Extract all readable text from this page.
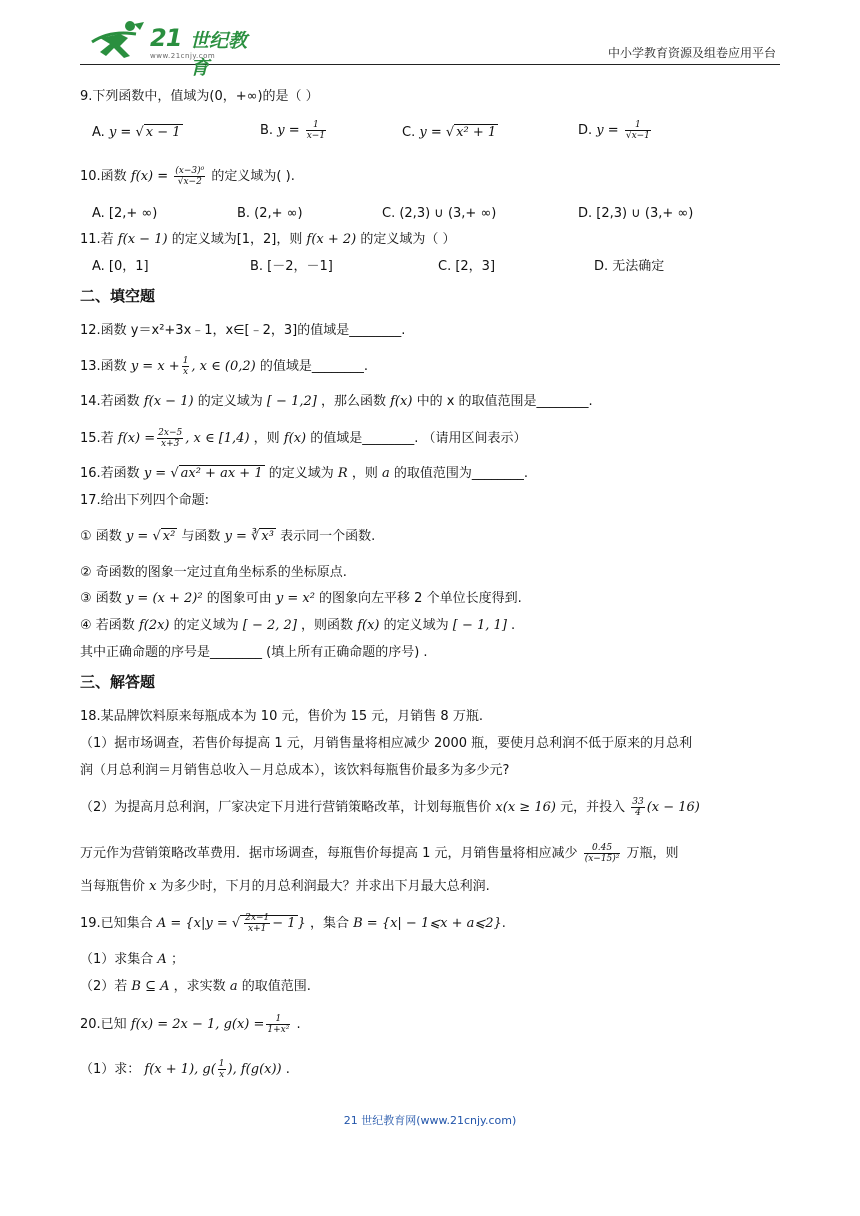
21 世纪教育
www.21cnjy.com	中小学教育资源及组卷应用平台
9.下列函数中，值域为(0，+∞)的是（ ）
A. y = √ x − 1	B. $y = \frac{1}{x-1}$	C. y = √ x² + 1	D. $y = \frac{1}{√x-1}$
10.函数 $f(x) = \frac{\text{(x−3)⁰}}{√x-2}$ 的定义域为( ).
A. [2,+ ∞)	B. (2,+ ∞)	C. (2,3) ∪ (3,+ ∞)	D. [2,3) ∪ (3,+ ∞)
11.若 f(x − 1) 的定义域为[1，2]，则 f(x + 2) 的定义域为（ ）
A. [0，1]	B. [－2，－1]	C. [2，3]	D. 无法确定
二、填空题
12.函数 y＝x²+3x﹣1，x∈[﹣2，3]的值域是________.
13.函数 $y = x + \frac{1}{x}$ , x ∈ (0,2) 的值域是________.
14.若函数 f(x − 1) 的定义域为 [ − 1,2] ，那么函数 f(x) 中的 x 的取值范围是________.
15.若 $f(x) = \frac{2x-5}{x+3}$ , x ∈ [1,4) ，则 f(x) 的值域是________. （请用区间表示）
16.若函数 y = √ ax² + ax + 1 的定义域为 R ，则 a 的取值范围为________.
17.给出下列四个命题:
① 函数 y = √ x² 与函数 y = ∛ x³ 表示同一个函数.
② 奇函数的图象一定过直角坐标系的坐标原点.
③ 函数 y = (x + 2)² 的图象可由 y = x² 的图象向左平移 2 个单位长度得到.
④ 若函数 f(2x) 的定义域为 [ − 2, 2] ，则函数 f(x) 的定义域为 [ − 1, 1] .
其中正确命题的序号是________ (填上所有正确命题的序号) .
三、解答题
18.某品牌饮料原来每瓶成本为 10 元，售价为 15 元，月销售 8 万瓶.
（1）据市场调查，若售价每提高 1 元，月销售量将相应减少 2000 瓶，要使月总利润不低于原来的月总利
润（月总利润＝月销售总收入－月总成本），该饮料每瓶售价最多为多少元?
（2）为提高月总利润，厂家决定下月进行营销策略改革，计划每瓶售价 x(x ≥ 16) 元，并投入 $\frac{33}{4} (x - 16)$
万元作为营销策略改革费用．据市场调查，每瓶售价每提高 1 元，月销售量将相应减少 $\frac{0.45}{\text{(x−15)²}}$ 万瓶，则
当每瓶售价 x 为多少时，下月的月总利润最大？并求出下月最大总利润.
19.已知集合 A = {x|y = √ $\frac{2x-1}{x+1} - 1$ } ，集合 B = {x| − 1⩽x + a⩽2}.
（1）求集合 A ；
（2）若 B ⊆ A ，求实数 a 的取值范围.
20.已知 f(x) = 2x − 1, $g(x) = \frac{1}{\text{1+x²}}$ .
（1）求： f(x + 1), $g( \frac{1}{x}$ ), f(g(x)) .
21 世纪教育网(www.21cnjy.com)
